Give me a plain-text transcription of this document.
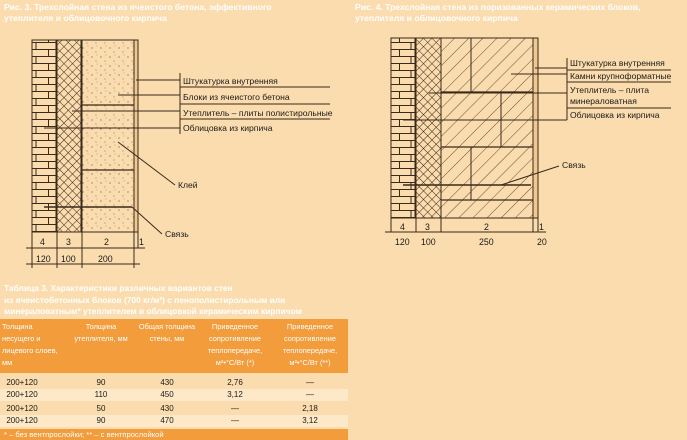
Штукатурка внутренняя
Блоки из ячеистого бетона
Утеплитель – плиты полистирольные
Облицовка из кирпича
Клей
Связь
4 3	2	1
120 100	200
Рис. 3. Трехслойная стена из ячеистого бетона, эффективного
утеплителя и облицовочного кирпича
Штукатурка внутренняя
Камни крупноформатные
Утеплитель – плита
минераловатная
Облицовка из кирпича
Связь
4 3	2	1
Рис. 4. Трехслойная стена из поризованных керамических блоков,
утеплителя и облицовочного кирпича
120 100	250	20
Таблица 3. Характеристики различных вариантов стен
из ячеистобетонных блоков (700 кг/м³) с пенополистирольным или
минераловатным* утеплителем и облицовкой керамическим кирпичом
Толщина несущего и лицевого слоев, мм
Толщина утеплителя, мм
Общая толщина стены, мм
Приведенное сопротивление теплопередаче, м²•°С/Вт (*)
Приведенное сопротивление теплопередаче, м²•°С/Вт (**)
200+120	90	430	2,76	—
200+120	110	450	3,12	—
200+120	50	430	—	2,18
200+120	90	470	—	3,12
* – без вентпрослойки; ** – с вентпрослойкой
